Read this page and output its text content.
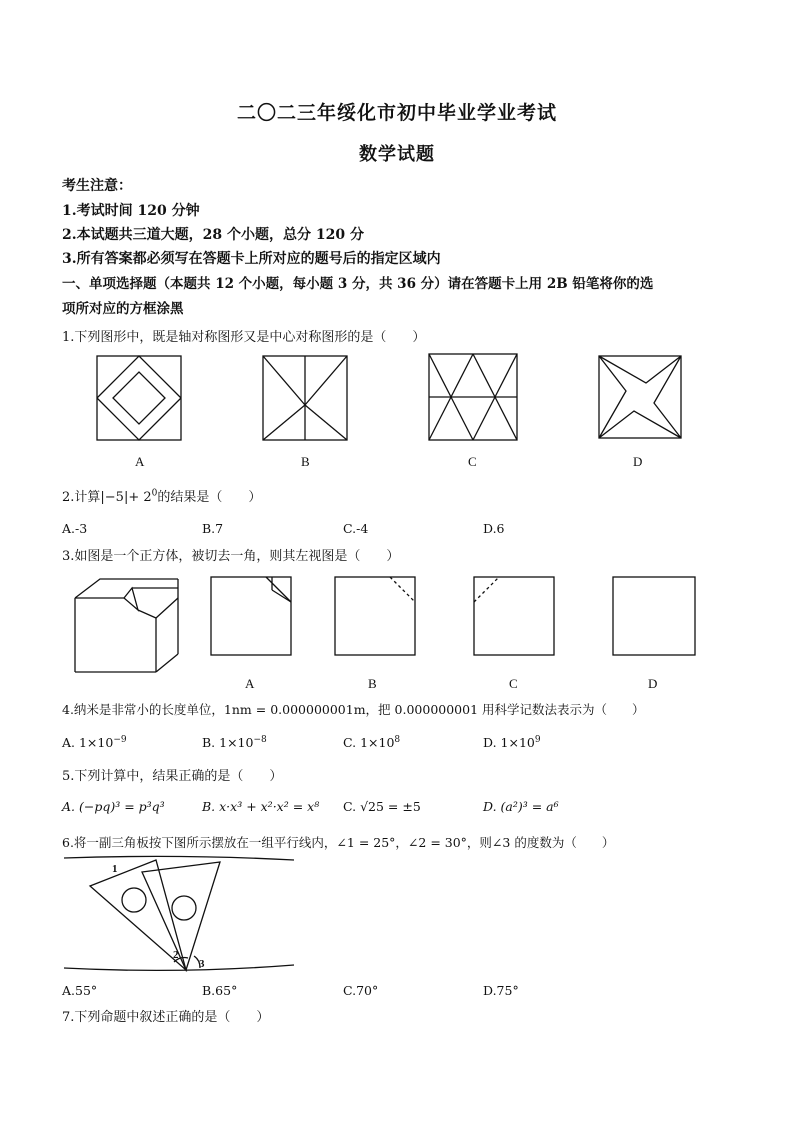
二〇二三年绥化市初中毕业学业考试
数学试题
考生注意：
1.考试时间 120 分钟
2.本试题共三道大题，28 个小题，总分 120 分
3.所有答案都必须写在答题卡上所对应的题号后的指定区域内
一、单项选择题（本题共 12 个小题，每小题 3 分，共 36 分）请在答题卡上用 2B 铅笔将你的选
项所对应的方框涂黑
1.下列图形中，既是轴对称图形又是中心对称图形的是（　　）
A	B	C	D
2.计算$|-5|+ 2^0$的结果是（　　）
A.-3	B.7	C.-4	D.6
3.如图是一个正方体，被切去一角，则其左视图是（　　）
A	B	C	D
4.纳米是非常小的长度单位，1nm = 0.000000001m，把 0.000000001 用科学记数法表示为（　　）
A. $1\times 10^{-9}$	B. $1\times 10^{-8}$	C. $1\times 10^8$	D. $1\times 10^9$
5.下列计算中，结果正确的是（　　）
A. (−pq)³ = p³q³	B. x·x³ + x²·x² = x⁸ C. √25 = ±5	D. (a²)³ = a⁶
6.将一副三角板按下图所示摆放在一组平行线内，∠1 = 25°，∠2 = 30°，则∠3 的度数为（　　）
1
2
3
A.55°	B.65°	C.70°	D.75°
7.下列命题中叙述正确的是（　　）
